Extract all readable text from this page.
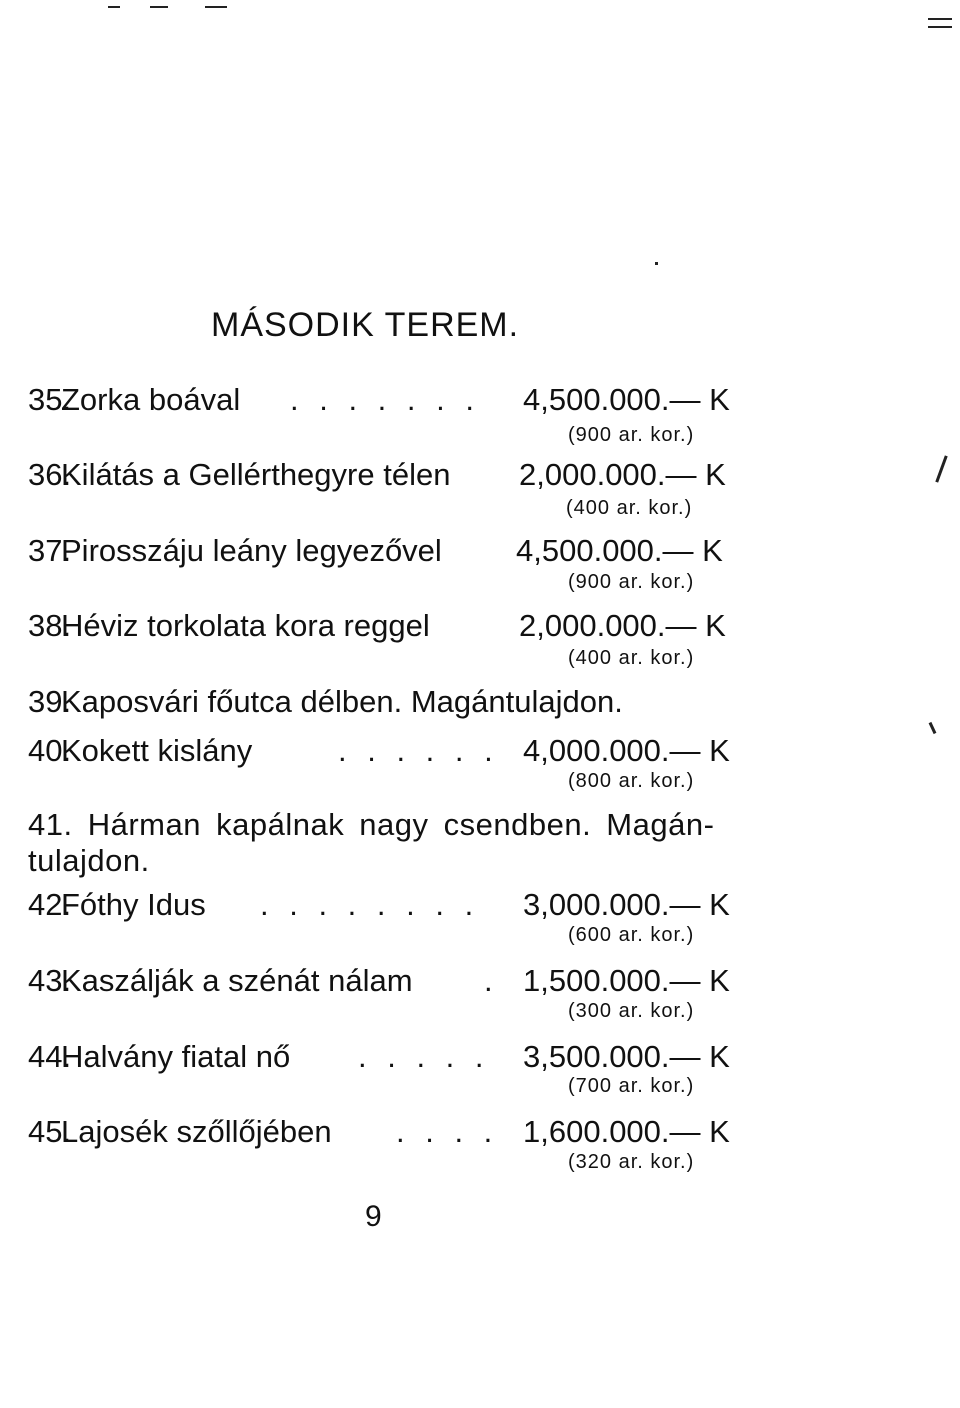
MÁSODIK TEREM.
35.
Zorka boával . . . . . . . 4,500.000.— K
(900 ar. kor.)
36.
Kilátás a Gellérthegyre télen 2,000.000.— K
(400 ar. kor.)
37.
Pirosszáju leány legyezővel 4,500.000.— K
(900 ar. kor.)
38.
Héviz torkolata kora reggel	2,000.000.— K
(400 ar. kor.)
39.
Kaposvári főutca délben. Magántulajdon.
40.
Kokett kislány	. . . . . . 4,000.000.— K
(800 ar. kor.)
41. Hárman kapálnak nagy csendben. Magán-
tulajdon.
42.
Fóthy Idus . . . . . . . . 3,000.000.— K
(600 ar. kor.)
43.
Kaszálják a szénát nálam . 1,500.000.— K
(300 ar. kor.)
44.
Halvány fiatal nő . . . . . 3,500.000.— K
(700 ar. kor.)
45.
Lajosék szőllőjében . . . . 1,600.000.— K
(320 ar. kor.)
9
